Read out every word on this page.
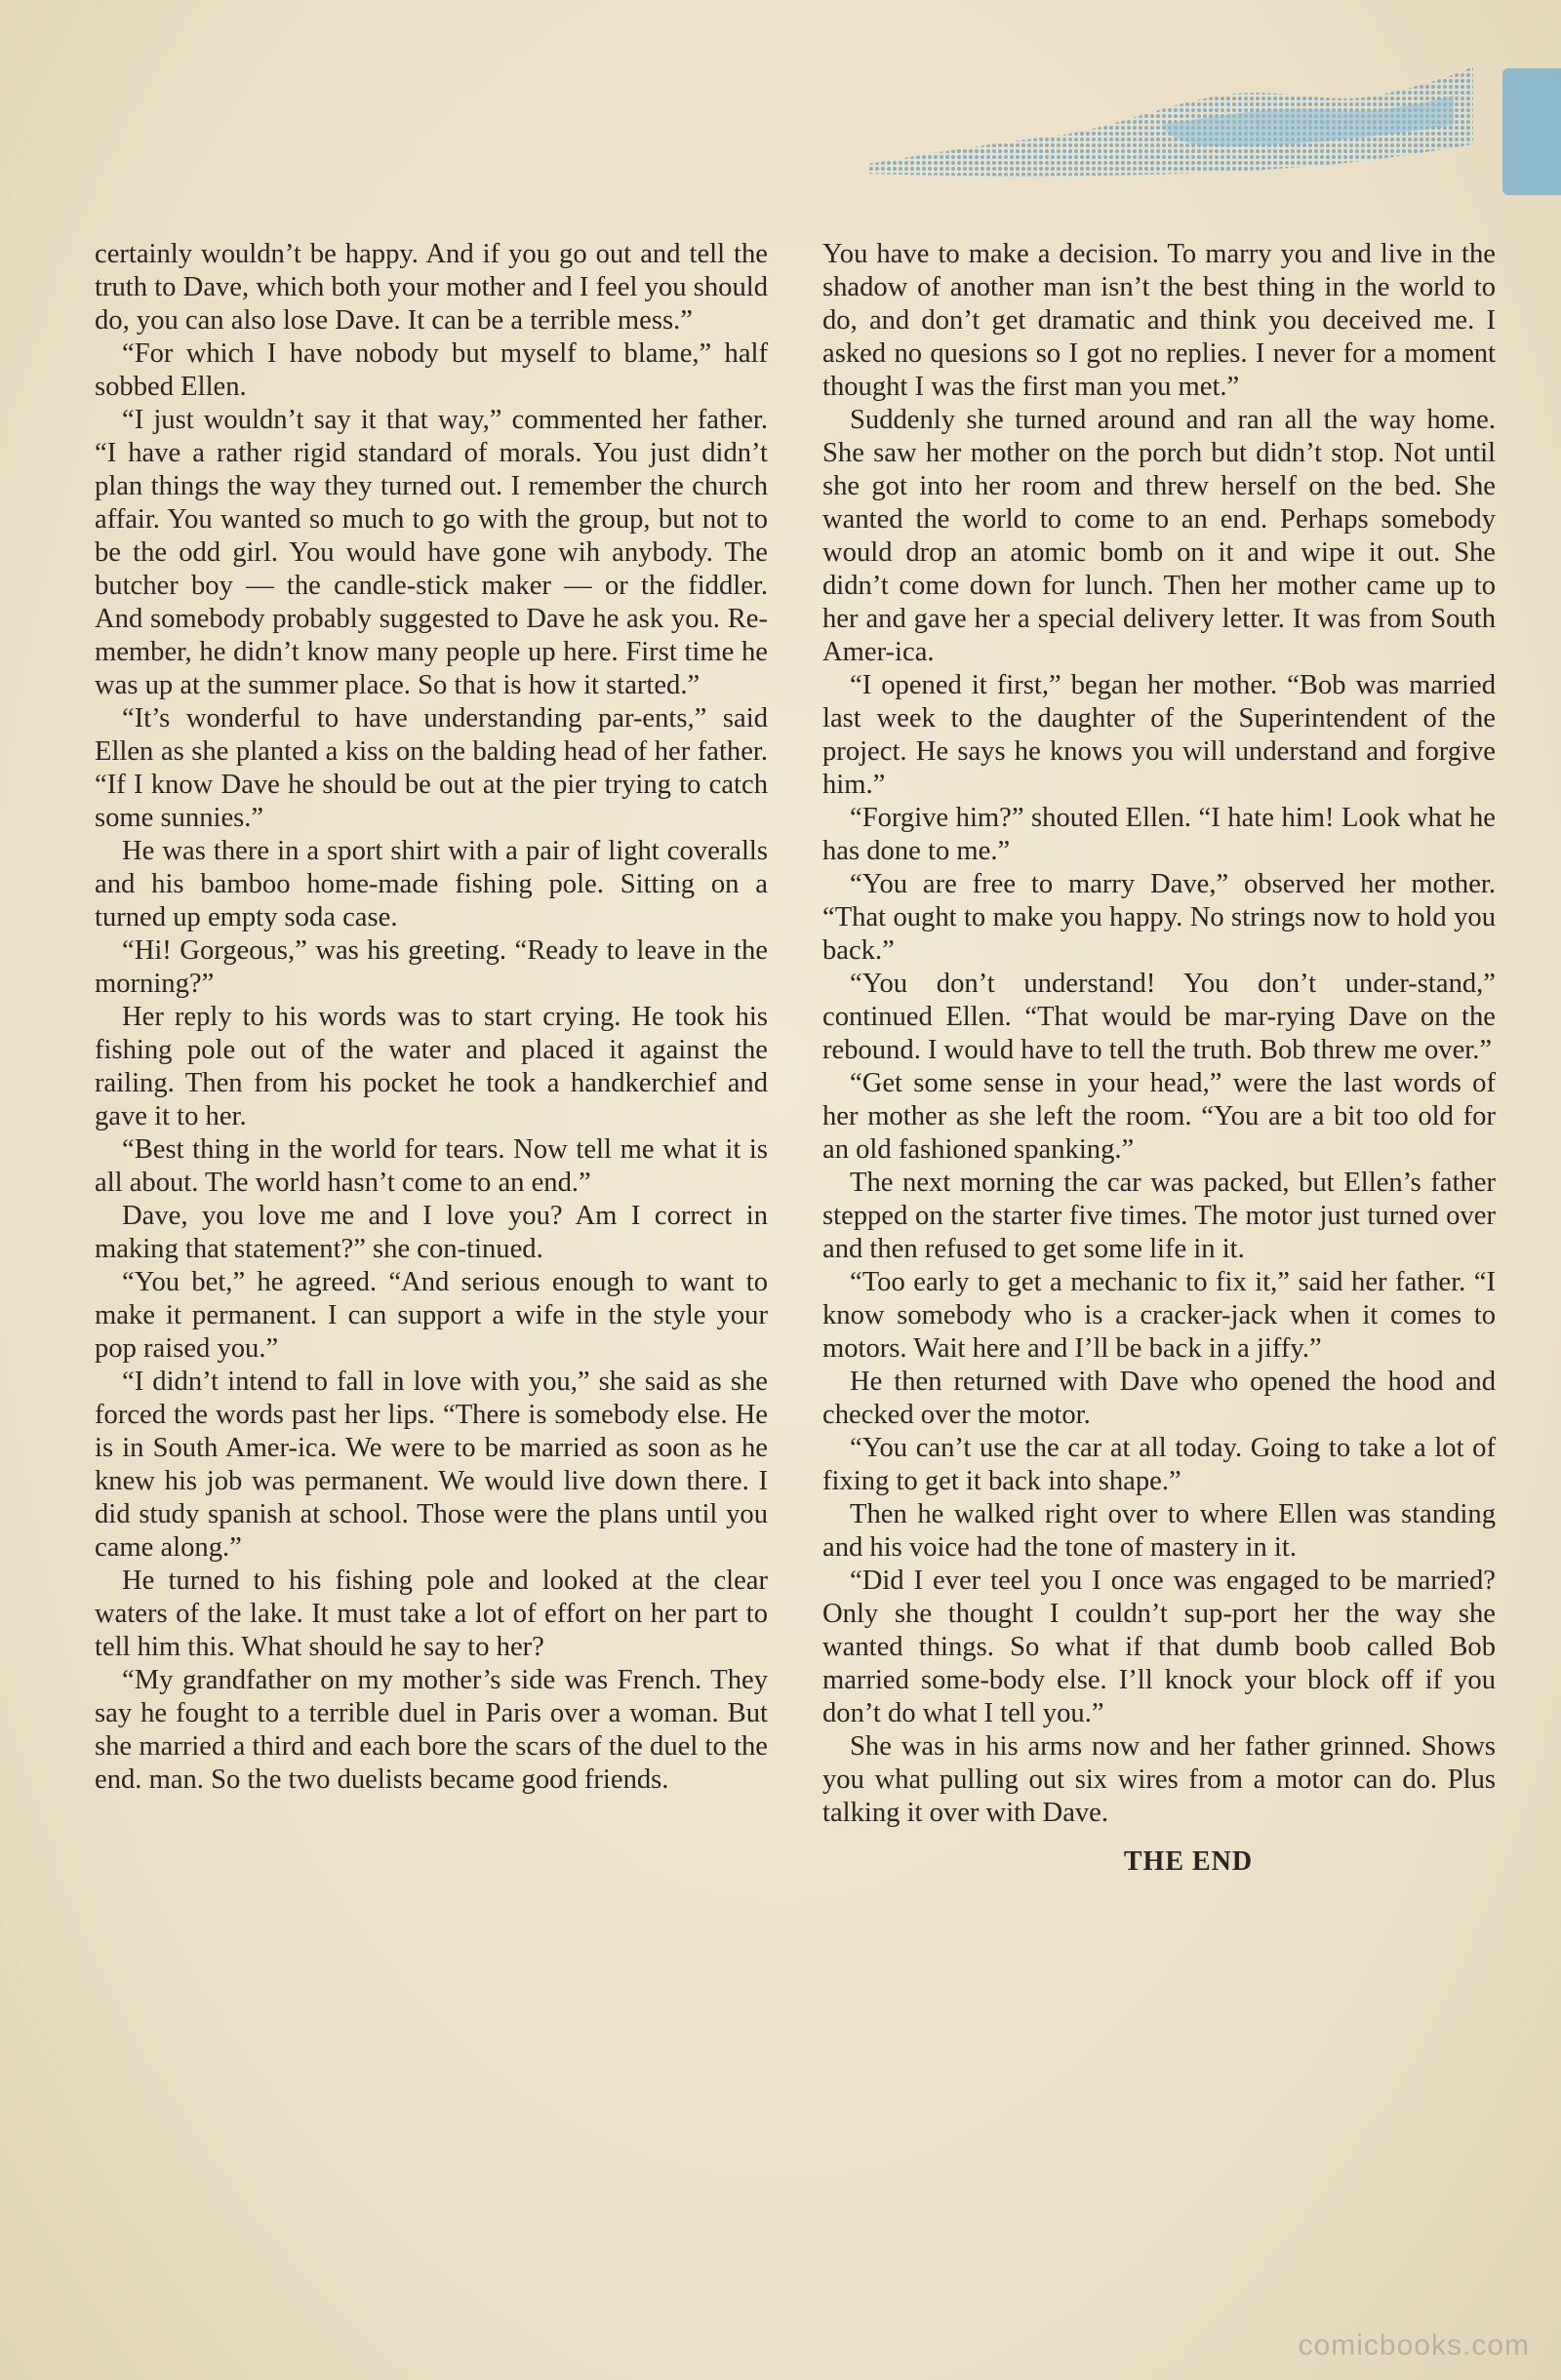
certainly wouldn’t be happy. And if you go out and tell the truth to Dave, which both your mother and I feel you should do, you can also lose Dave. It can be a terrible mess.”

“For which I have nobody but myself to blame,” half sobbed Ellen.

“I just wouldn’t say it that way,” commented her father. “I have a rather rigid standard of morals. You just didn’t plan things the way they turned out. I remember the church affair. You wanted so much to go with the group, but not to be the odd girl. You would have gone wih anybody. The butcher boy — the candle-stick maker — or the fiddler. And somebody probably suggested to Dave he ask you. Re-member, he didn’t know many people up here. First time he was up at the summer place. So that is how it started.”

“It’s wonderful to have understanding par-ents,” said Ellen as she planted a kiss on the balding head of her father. “If I know Dave he should be out at the pier trying to catch some sunnies.”

He was there in a sport shirt with a pair of light coveralls and his bamboo home-made fishing pole. Sitting on a turned up empty soda case.

“Hi! Gorgeous,” was his greeting. “Ready to leave in the morning?”

Her reply to his words was to start crying. He took his fishing pole out of the water and placed it against the railing. Then from his pocket he took a handkerchief and gave it to her.

“Best thing in the world for tears. Now tell me what it is all about. The world hasn’t come to an end.”

Dave, you love me and I love you? Am I correct in making that statement?” she con-tinued.

“You bet,” he agreed. “And serious enough to want to make it permanent. I can support a wife in the style your pop raised you.”

“I didn’t intend to fall in love with you,” she said as she forced the words past her lips. “There is somebody else. He is in South Amer-ica. We were to be married as soon as he knew his job was permanent. We would live down there. I did study spanish at school. Those were the plans until you came along.”

He turned to his fishing pole and looked at the clear waters of the lake. It must take a lot of effort on her part to tell him this. What should he say to her?

“My grandfather on my mother’s side was French. They say he fought to a terrible duel in Paris over a woman. But she married a third and each bore the scars of the duel to the end. man. So the two duelists became good friends.

You have to make a decision. To marry you and live in the shadow of another man isn’t the best thing in the world to do, and don’t get dramatic and think you deceived me. I asked no quesions so I got no replies. I never for a moment thought I was the first man you met.”

Suddenly she turned around and ran all the way home. She saw her mother on the porch but didn’t stop. Not until she got into her room and threw herself on the bed. She wanted the world to come to an end. Perhaps somebody would drop an atomic bomb on it and wipe it out. She didn’t come down for lunch. Then her mother came up to her and gave her a special delivery letter. It was from South Amer-ica.

“I opened it first,” began her mother. “Bob was married last week to the daughter of the Superintendent of the project. He says he knows you will understand and forgive him.”

“Forgive him?” shouted Ellen. “I hate him! Look what he has done to me.”

“You are free to marry Dave,” observed her mother. “That ought to make you happy. No strings now to hold you back.”

“You don’t understand! You don’t under-stand,” continued Ellen. “That would be mar-rying Dave on the rebound. I would have to tell the truth. Bob threw me over.”

“Get some sense in your head,” were the last words of her mother as she left the room. “You are a bit too old for an old fashioned spanking.”

The next morning the car was packed, but Ellen’s father stepped on the starter five times. The motor just turned over and then refused to get some life in it.

“Too early to get a mechanic to fix it,” said her father. “I know somebody who is a cracker-jack when it comes to motors. Wait here and I’ll be back in a jiffy.”

He then returned with Dave who opened the hood and checked over the motor.

“You can’t use the car at all today. Going to take a lot of fixing to get it back into shape.”

Then he walked right over to where Ellen was standing and his voice had the tone of mastery in it.

“Did I ever teel you I once was engaged to be married? Only she thought I couldn’t sup-port her the way she wanted things. So what if that dumb boob called Bob married some-body else. I’ll knock your block off if you don’t do what I tell you.”

She was in his arms now and her father grinned. Shows you what pulling out six wires from a motor can do. Plus talking it over with Dave.

THE END
comicbooks.com
